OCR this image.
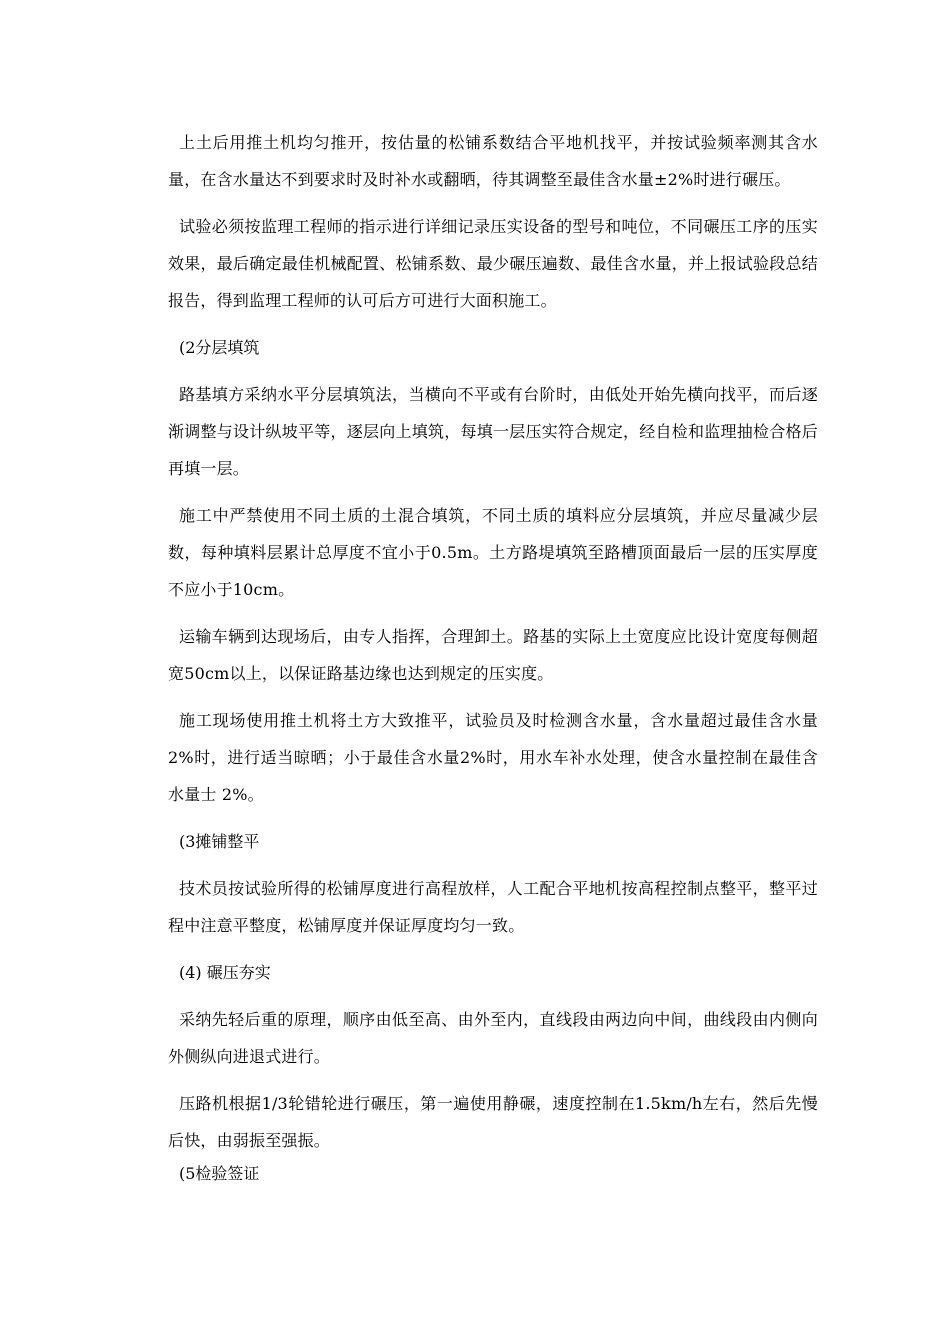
上土后用推土机均匀推开，按估量的松铺系数结合平地机找平，并按试验频率测其含水量，在含水量达不到要求时及时补水或翻晒，待其调整至最佳含水量±2%时进行碾压。

试验必须按监理工程师的指示进行详细记录压实设备的型号和吨位，不同碾压工序的压实效果，最后确定最佳机械配置、松铺系数、最少碾压遍数、最佳含水量，并上报试验段总结报告，得到监理工程师的认可后方可进行大面积施工。

(2分层填筑

路基填方采纳水平分层填筑法，当横向不平或有台阶时，由低处开始先横向找平，而后逐渐调整与设计纵坡平等，逐层向上填筑，每填一层压实符合规定，经自检和监理抽检合格后再填一层。

施工中严禁使用不同土质的土混合填筑，不同土质的填料应分层填筑，并应尽量减少层数，每种填料层累计总厚度不宜小于0.5m。土方路堤填筑至路槽顶面最后一层的压实厚度不应小于10cm。

运输车辆到达现场后，由专人指挥，合理卸土。路基的实际上土宽度应比设计宽度每侧超宽50cm以上，以保证路基边缘也达到规定的压实度。

施工现场使用推土机将土方大致推平，试验员及时检测含水量，含水量超过最佳含水量2%时，进行适当晾晒；小于最佳含水量2%时，用水车补水处理，使含水量控制在最佳含水量士 2%。

(3摊铺整平

技术员按试验所得的松铺厚度进行高程放样，人工配合平地机按高程控制点整平，整平过程中注意平整度，松铺厚度并保证厚度均匀一致。

(4) 碾压夯实

采纳先轻后重的原理，顺序由低至高、由外至内，直线段由两边向中间，曲线段由内侧向外侧纵向进退式进行。

压路机根据1/3轮错轮进行碾压，第一遍使用静碾，速度控制在1.5km/h左右，然后先慢后快，由弱振至强振。

(5检验签证
